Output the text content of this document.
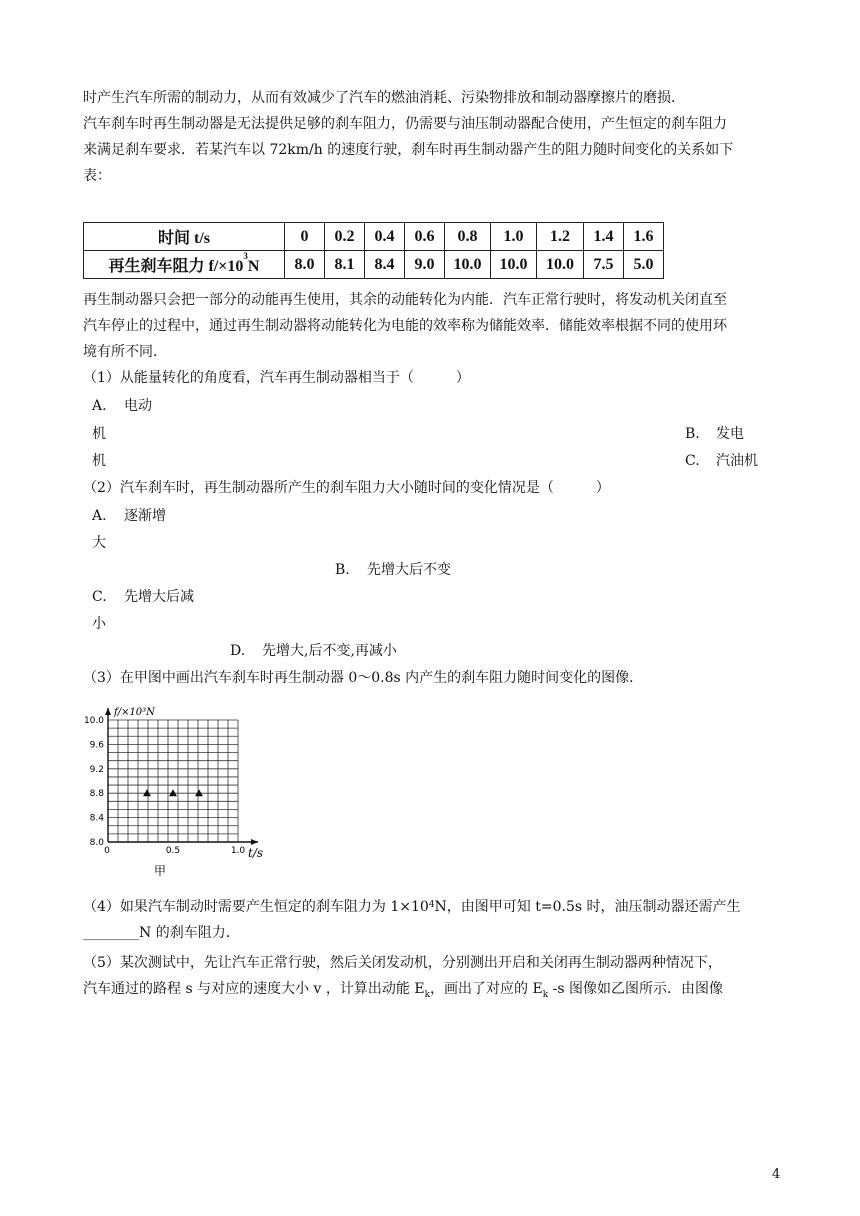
时产生汽车所需的制动力，从而有效减少了汽车的燃油消耗、污染物排放和制动器摩擦片的磨损．
汽车刹车时再生制动器是无法提供足够的刹车阻力，仍需要与油压制动器配合使用，产生恒定的刹车阻力
来满足刹车要求．若某汽车以 72km/h 的速度行驶，刹车时再生制动器产生的阻力随时间变化的关系如下
表：
时间 t/s	0	0.2	0.4	0.6	0.8	1.0	1.2	1.4	1.6
再生刹车阻力 $f/\times 10^3N$	8.0	8.1	8.4	9.0	10.0	10.0	10.0	7.5	5.0
再生制动器只会把一部分的动能再生使用，其余的动能转化为内能．汽车正常行驶时，将发动机关闭直至
汽车停止的过程中，通过再生制动器将动能转化为电能的效率称为储能效率．储能效率根据不同的使用环
境有所不同．
（1）从能量转化的角度看，汽车再生制动器相当于（　　　）
A. 电动
机	B. 发电
机	C. 汽油机
（2）汽车刹车时，再生制动器所产生的刹车阻力大小随时间的变化情况是（　　　）
A. 逐渐增
大
B. 先增大后不变
C. 先增大后减
小
D. 先增大,后不变,再减小
（3）在甲图中画出汽车刹车时再生制动器 0～0.8s 内产生的刹车阻力随时间变化的图像．
8.0
8.4
8.8
9.2
9.6
10.0
0	0.5	1.0
f/×10³N
t/s
甲
（4）如果汽车制动时需要产生恒定的刹车阻力为 $1\times 10^4N$，由图甲可知 t=0.5s 时，油压制动器还需产生
________N 的刹车阻力．
（5）某次测试中，先让汽车正常行驶，然后关闭发动机，分别测出开启和关闭再生制动器两种情况下，
汽车通过的路程 s 与对应的速度大小 v ，计算出动能 $E_k$，画出了对应的 $E_k$ -s 图像如乙图所示．由图像
4
